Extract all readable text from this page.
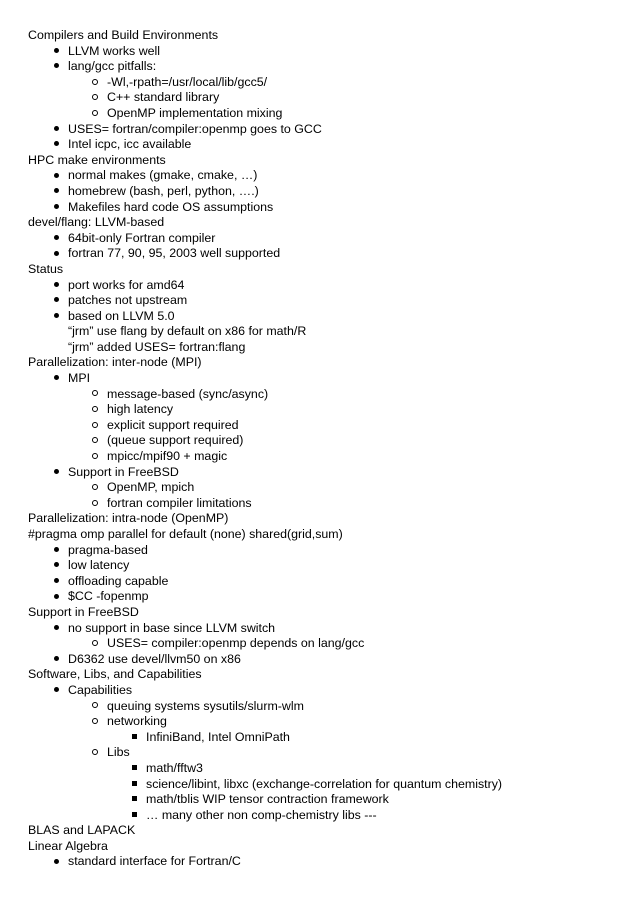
Compilers and Build Environments
LLVM works well
lang/gcc pitfalls:
-Wl,-rpath=/usr/local/lib/gcc5/
C++ standard library
OpenMP implementation mixing
USES= fortran/compiler:openmp goes to GCC
Intel icpc, icc available
HPC make environments
normal makes (gmake, cmake, …)
homebrew (bash, perl, python, ….)
Makefiles hard code OS assumptions
devel/flang: LLVM-based
64bit-only Fortran compiler
fortran 77, 90, 95, 2003 well supported
Status
port works for amd64
patches not upstream
based on LLVM 5.0
“jrm” use flang by default on x86 for math/R
“jrm” added USES= fortran:flang
Parallelization: inter-node (MPI)
MPI
message-based (sync/async)
high latency
explicit support required
(queue support required)
mpicc/mpif90 + magic
Support in FreeBSD
OpenMP, mpich
fortran compiler limitations
Parallelization: intra-node (OpenMP)
#pragma omp parallel for default (none) shared(grid,sum)
pragma-based
low latency
offloading capable
$CC -fopenmp
Support in FreeBSD
no support in base since LLVM switch
USES= compiler:openmp depends on lang/gcc
D6362 use devel/llvm50 on x86
Software, Libs, and Capabilities
Capabilities
queuing systems sysutils/slurm-wlm
networking
InfiniBand, Intel OmniPath
Libs
math/fftw3
science/libint, libxc (exchange-correlation for quantum chemistry)
math/tblis WIP tensor contraction framework
… many other non comp-chemistry libs ---
BLAS and LAPACK
Linear Algebra
standard interface for Fortran/C
